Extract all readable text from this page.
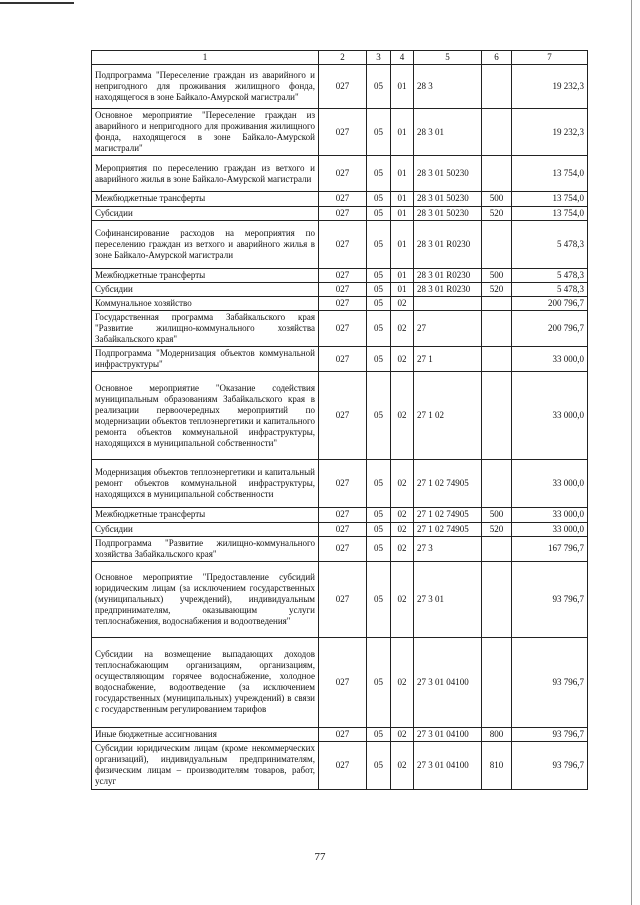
1	2	3	4	5	6	7
Подпрограмма "Переселение граждан из аварийного и непригодного для проживания жилищного фонда, находящегося в зоне Байкало-Амурской магистрали"	027	05	01	28 3		19 232,3
Основное мероприятие "Переселение граждан из аварийного и непригодного для проживания жилищного фонда, находящегося в зоне Байкало-Амурской магистрали"	027	05	01	28 3 01		19 232,3
Мероприятия по переселению граждан из ветхого и аварийного жилья в зоне Байкало-Амурской магистрали	027	05	01	28 3 01 50230		13 754,0
Межбюджетные трансферты	027	05	01	28 3 01 50230	500	13 754,0
Субсидии	027	05	01	28 3 01 50230	520	13 754,0
Софинансирование расходов на мероприятия по переселению граждан из ветхого и аварийного жилья в зоне Байкало-Амурской магистрали	027	05	01	28 3 01 R0230		5 478,3
Межбюджетные трансферты	027	05	01	28 3 01 R0230	500	5 478,3
Субсидии	027	05	01	28 3 01 R0230	520	5 478,3
Коммунальное хозяйство	027	05	02			200 796,7
Государственная программа Забайкальского края "Развитие жилищно-коммунального хозяйства Забайкальского края"	027	05	02	27		200 796,7
Подпрограмма "Модернизация объектов коммунальной инфраструктуры"	027	05	02	27 1		33 000,0
Основное мероприятие "Оказание содействия муниципальным образованиям Забайкальского края в реализации первоочередных мероприятий по модернизации объектов теплоэнергетики и капитального ремонта объектов коммунальной инфраструктуры, находящихся в муниципальной собственности"	027	05	02	27 1 02		33 000,0
Модернизация объектов теплоэнергетики и капитальный ремонт объектов коммунальной инфраструктуры, находящихся в муниципальной собственности	027	05	02	27 1 02 74905		33 000,0
Межбюджетные трансферты	027	05	02	27 1 02 74905	500	33 000,0
Субсидии	027	05	02	27 1 02 74905	520	33 000,0
Подпрограмма "Развитие жилищно-коммунального хозяйства Забайкальского края"	027	05	02	27 3		167 796,7
Основное мероприятие "Предоставление субсидий юридическим лицам (за исключением государственных (муниципальных) учреждений), индивидуальным предпринимателям, оказывающим услуги теплоснабжения, водоснабжения и водоотведения"	027	05	02	27 3 01		93 796,7
Субсидии на возмещение выпадающих доходов теплоснабжающим организациям, организациям, осуществляющим горячее водоснабжение, холодное водоснабжение, водоотведение (за исключением государственных (муниципальных) учреждений) в связи с государственным регулированием тарифов	027	05	02	27 3 01 04100		93 796,7
Иные бюджетные ассигнования	027	05	02	27 3 01 04100	800	93 796,7
Субсидии юридическим лицам (кроме некоммерческих организаций), индивидуальным предпринимателям, физическим лицам – производителям товаров, работ, услуг	027	05	02	27 3 01 04100	810	93 796,7
77
